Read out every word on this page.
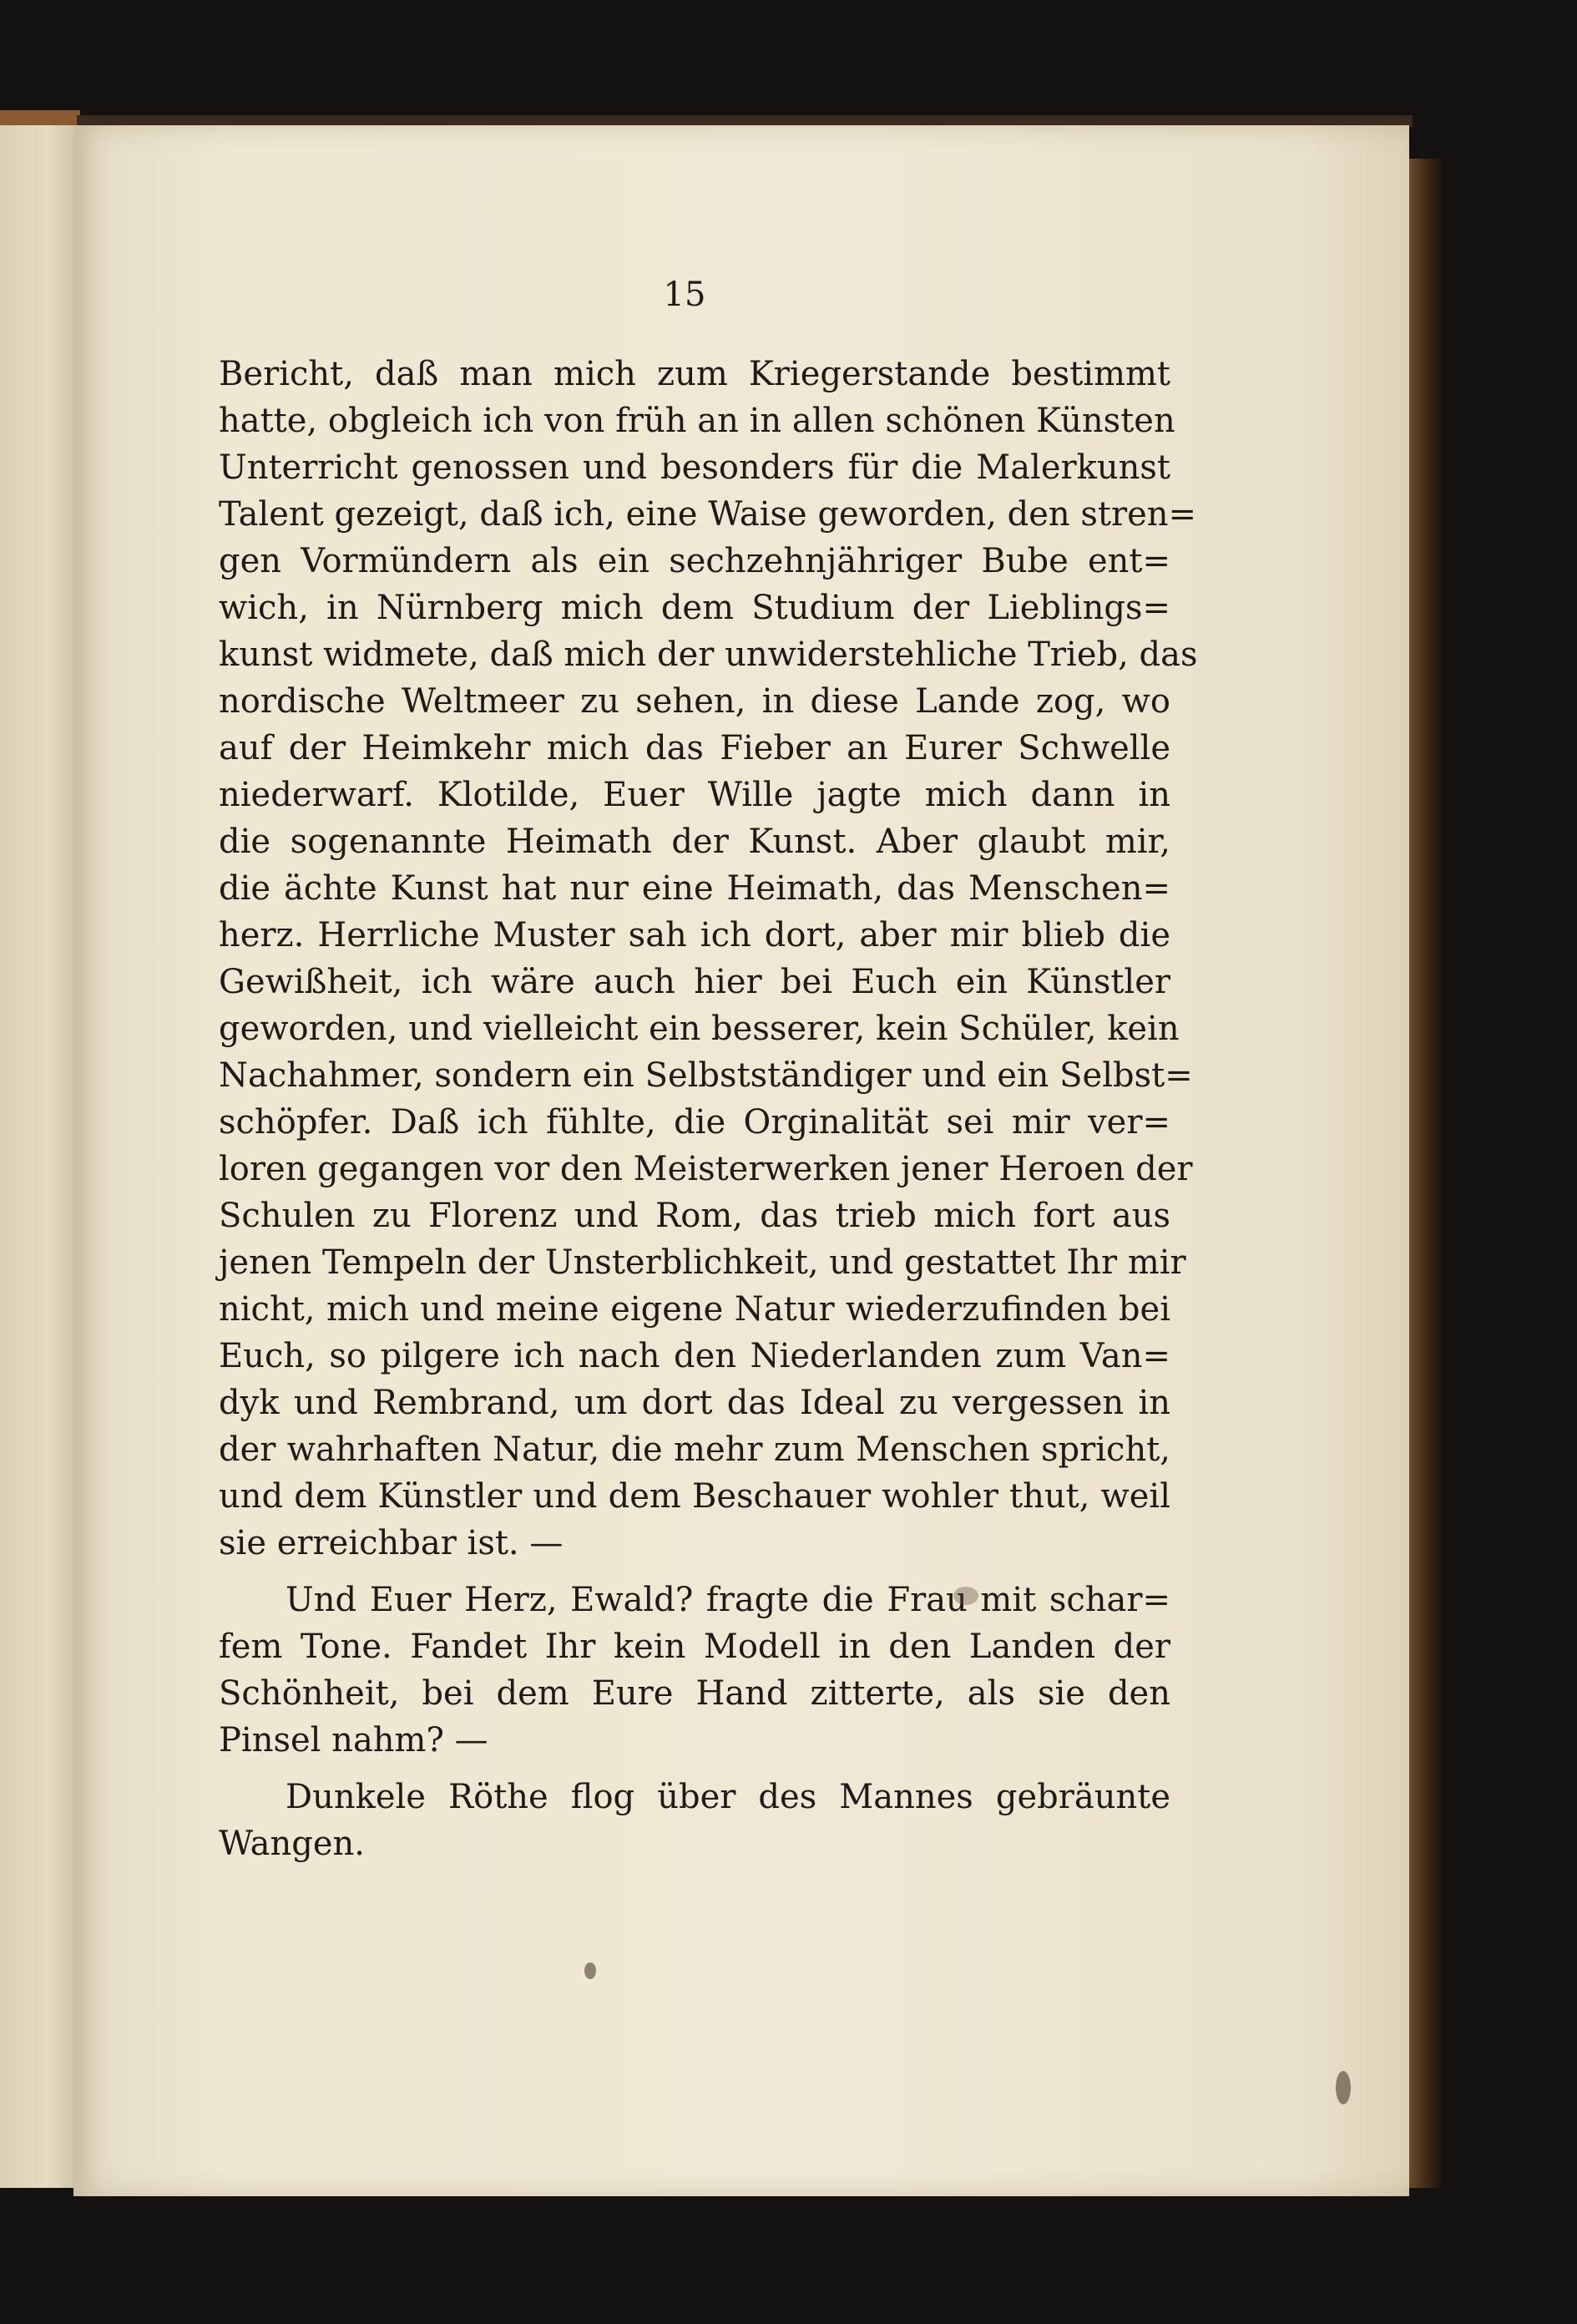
15
Bericht, daß man mich zum Kriegerstande bestimmt
hatte, obgleich ich von früh an in allen schönen Künsten
Unterricht genossen und besonders für die Malerkunst
Talent gezeigt, daß ich, eine Waise geworden, den stren=
gen Vormündern als ein sechzehnjähriger Bube ent=
wich, in Nürnberg mich dem Studium der Lieblings=
kunst widmete, daß mich der unwiderstehliche Trieb, das
nordische Weltmeer zu sehen, in diese Lande zog, wo
auf der Heimkehr mich das Fieber an Eurer Schwelle
niederwarf. Klotilde, Euer Wille jagte mich dann in
die sogenannte Heimath der Kunst. Aber glaubt mir,
die ächte Kunst hat nur eine Heimath, das Menschen=
herz. Herrliche Muster sah ich dort, aber mir blieb die
Gewißheit, ich wäre auch hier bei Euch ein Künstler
geworden, und vielleicht ein besserer, kein Schüler, kein
Nachahmer, sondern ein Selbstständiger und ein Selbst=
schöpfer. Daß ich fühlte, die Orginalität sei mir ver=
loren gegangen vor den Meisterwerken jener Heroen der
Schulen zu Florenz und Rom, das trieb mich fort aus
jenen Tempeln der Unsterblichkeit, und gestattet Ihr mir
nicht, mich und meine eigene Natur wiederzufinden bei
Euch, so pilgere ich nach den Niederlanden zum Van=
dyk und Rembrand, um dort das Ideal zu vergessen in
der wahrhaften Natur, die mehr zum Menschen spricht,
und dem Künstler und dem Beschauer wohler thut, weil
sie erreichbar ist. —
Und Euer Herz, Ewald? fragte die Frau mit schar=
fem Tone. Fandet Ihr kein Modell in den Landen der
Schönheit, bei dem Eure Hand zitterte, als sie den
Pinsel nahm? —
Dunkele Röthe flog über des Mannes gebräunte
Wangen.
